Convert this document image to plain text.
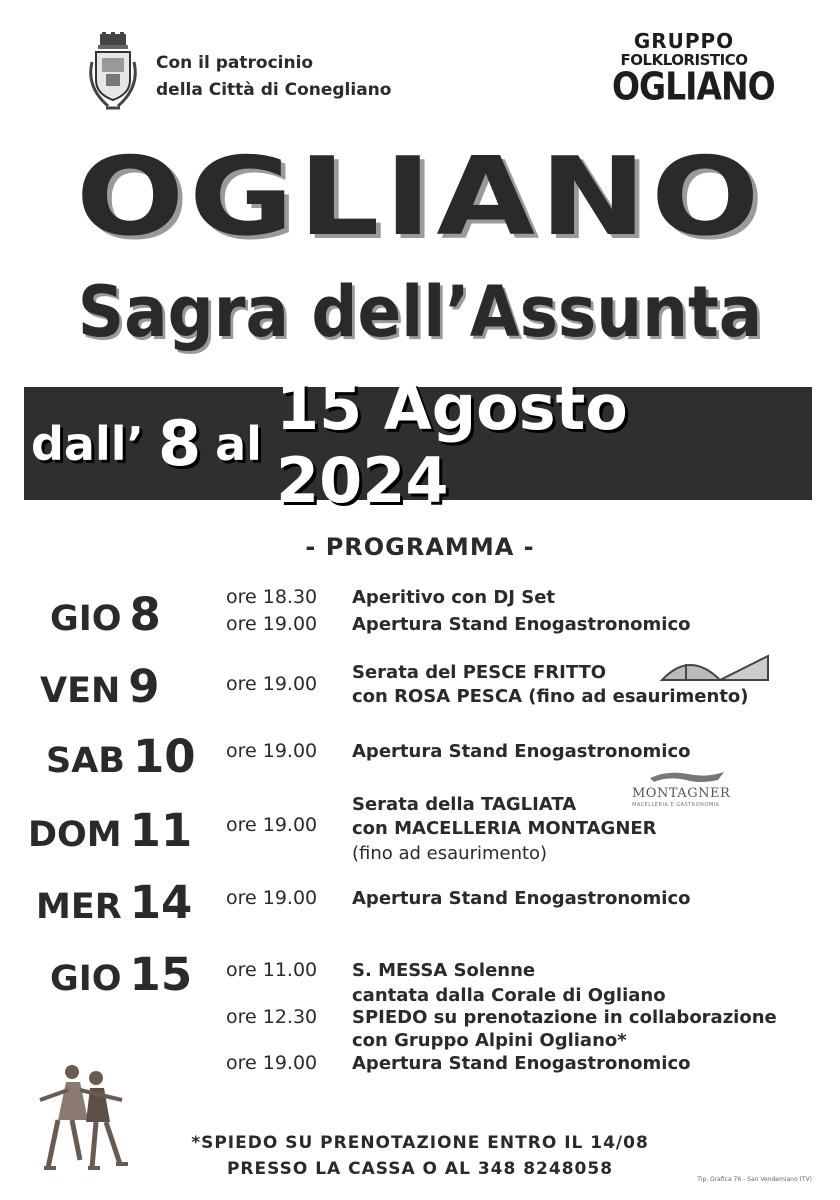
Con il patrocinio
della Città di Conegliano
GRUPPO
FOLKLORISTICO
OGLIANO
OGLIANO
Sagra dell’Assunta
dall’ 8 al 15 Agosto 2024
- PROGRAMMA -
GIO 8	ore 18.30 Aperitivo con DJ Set
ore 19.00 Apertura Stand Enogastronomico
VEN 9	ore 19.00
Serata del PESCE FRITTO
con ROSA PESCA (fino ad esaurimento)
SAB 10 ore 19.00 Apertura Stand Enogastronomico
DOM 11 ore 19.00
Serata della TAGLIATA
con MACELLERIA MONTAGNER
(fino ad esaurimento)
MONTAGNER
MACELLERIA E GASTRONOMIA
MER 14 ore 19.00 Apertura Stand Enogastronomico
GIO 15 ore 11.00 S. MESSA Solenne
cantata dalla Corale di Ogliano
ore 12.30 SPIEDO su prenotazione in collaborazione
con Gruppo Alpini Ogliano*
ore 19.00 Apertura Stand Enogastronomico
*SPIEDO SU PRENOTAZIONE ENTRO IL 14/08
PRESSO LA CASSA O AL 348 8248058
Tip. Grafica 76 - San Vendemiano (TV)
